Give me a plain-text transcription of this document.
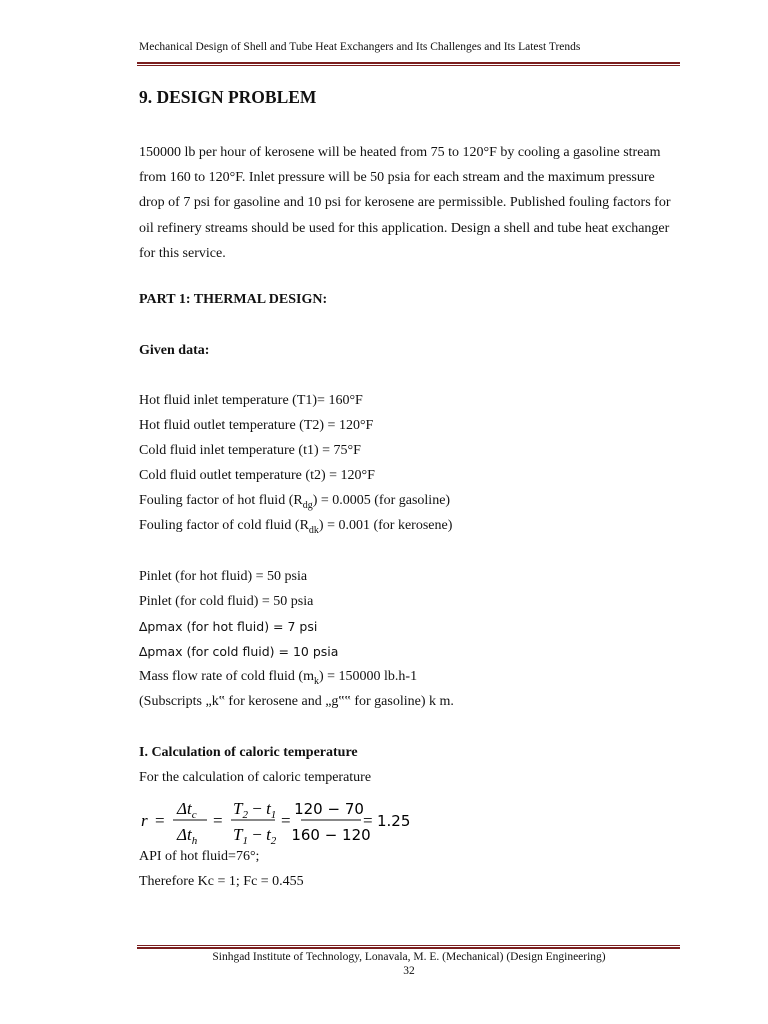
Mechanical Design of Shell and Tube Heat Exchangers and Its Challenges and Its Latest Trends
9. DESIGN PROBLEM

150000 lb per hour of kerosene will be heated from 75 to 120°F by cooling a gasoline stream from 160 to 120°F. Inlet pressure will be 50 psia for each stream and the maximum pressure drop of 7 psi for gasoline and 10 psi for kerosene are permissible. Published fouling factors for oil refinery streams should be used for this application. Design a shell and tube heat exchanger for this service.

PART 1: THERMAL DESIGN:
Given data:
Hot fluid inlet temperature (T1)= 160°F
Hot fluid outlet temperature (T2) = 120°F
Cold fluid inlet temperature (t1) = 75°F
Cold fluid outlet temperature (t2) = 120°F
Fouling factor of hot fluid $(R_{dg}) = 0.0005$ (for gasoline)
Fouling factor of cold fluid $(R_{dk}) = 0.001$ (for kerosene)
Pinlet (for hot fluid) = 50 psia
Pinlet (for cold fluid) = 50 psia
∆pmax (for hot fluid) = 7 psi
∆pmax (for cold fluid) = 10 psia
Mass flow rate of cold fluid $(m_k) = 150000$ lb.h-1
(Subscripts „k‟ for kerosene and „g‟‟ for gasoline) k m.
I. Calculation of caloric temperature
For the calculation of caloric temperature
r =
$\Delta t_c$
$\Delta t_h$
=
$T_2 - t_1$
$T_1 - t_2$
=
120 − 70
160 − 120
= 1.25
API of hot fluid=76°;
Therefore Kc = 1; Fc = 0.455
Sinhgad Institute of Technology, Lonavala, M. E. (Mechanical) (Design Engineering)
32
